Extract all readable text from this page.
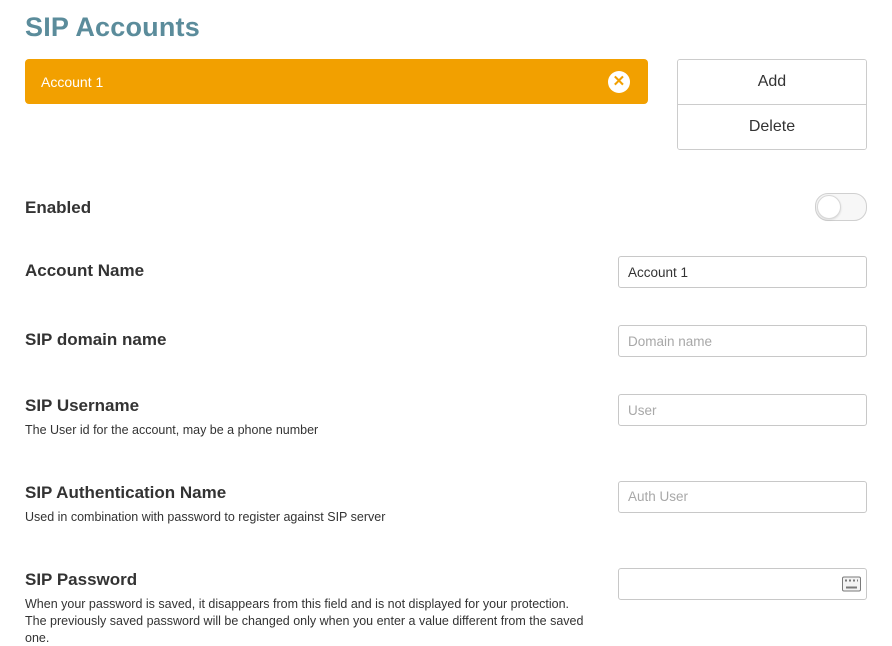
SIP Accounts
Account 1	✕	Add
Delete

Enabled

Account Name

Account 1

SIP domain name

Domain name

SIP Username

The User id for the account, may be a phone number

User

SIP Authentication Name

Used in combination with password to register against SIP server

Auth User

SIP Password

When your password is saved, it disappears from this field and is not displayed for your protection. The previously saved password will be changed only when you enter a value different from the saved one.
